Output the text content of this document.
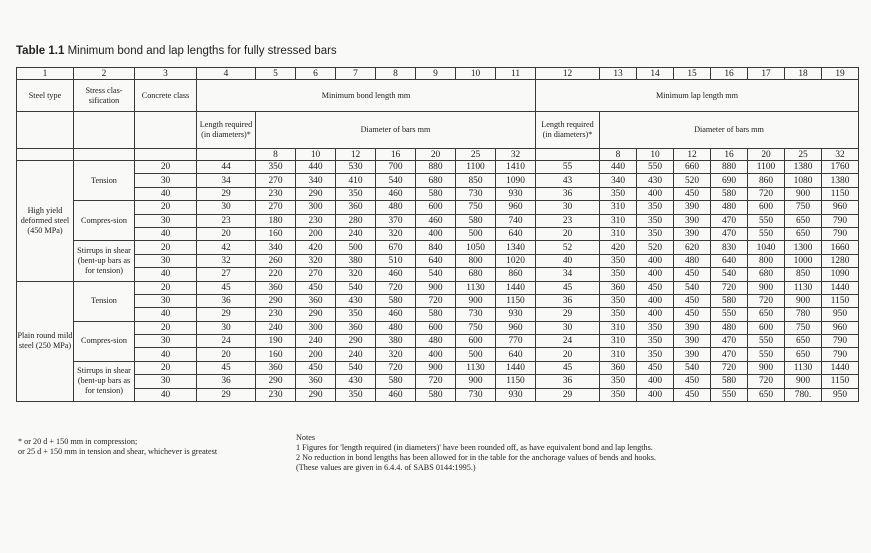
Table 1.1 Minimum bond and lap lengths for fully stressed bars
1	2	3	4	5	6	7	8	9	10	11	12	13	14	15	16	17	18	19
Steel type	Stress clas-sification	Concrete class	Minimum bond length mm								Minimum lap length mm							
			Length required (in diameters)*	Diameter of bars mm							Length required (in diameters)*	Diameter of bars mm						
				8	10	12	16	20	25	32		8	10	12	16	20	25	32
High yield deformed steel (450 MPa)	Tension	20	44	350	440	530	700	880	1100	1410	55	440	550	660	880	1100	1380	1760
		30	34	270	340	410	540	680	850	1090	43	340	430	520	690	860	1080	1380
		40	29	230	290	350	460	580	730	930	36	350	400	450	580	720	900	1150
	Compres-sion	20	30	270	300	360	480	600	750	960	30	310	350	390	480	600	750	960
		30	23	180	230	280	370	460	580	740	23	310	350	390	470	550	650	790
		40	20	160	200	240	320	400	500	640	20	310	350	390	470	550	650	790
	Stirrups in shear (bent-up bars as for tension)	20	42	340	420	500	670	840	1050	1340	52	420	520	620	830	1040	1300	1660
		30	32	260	320	380	510	640	800	1020	40	350	400	480	640	800	1000	1280
		40	27	220	270	320	460	540	680	860	34	350	400	450	540	680	850	1090
Plain round mild steel (250 MPa)	Tension	20	45	360	450	540	720	900	1130	1440	45	360	450	540	720	900	1130	1440
		30	36	290	360	430	580	720	900	1150	36	350	400	450	580	720	900	1150
		40	29	230	290	350	460	580	730	930	29	350	400	450	550	650	780	950
	Compres-sion	20	30	240	300	360	480	600	750	960	30	310	350	390	480	600	750	960
		30	24	190	240	290	380	480	600	770	24	310	350	390	470	550	650	790
		40	20	160	200	240	320	400	500	640	20	310	350	390	470	550	650	790
	Stirrups in shear (bent-up bars as for tension)	20	45	360	450	540	720	900	1130	1440	45	360	450	540	720	900	1130	1440
		30	36	290	360	430	580	720	900	1150	36	350	400	450	580	720	900	1150
		40	29	230	290	350	460	580	730	930	29	350	400	450	550	650	780.	950
* or 20 d + 150 mm in compression;
or 25 d + 150 mm in tension and shear, whichever is greatest
Notes
1 Figures for 'length required (in diameters)' have been rounded off, as have equivalent bond and lap lengths.
2 No reduction in bond lengths has been allowed for in the table for the anchorage values of bends and hooks.
(These values are given in 6.4.4. of SABS 0144:1995.)
